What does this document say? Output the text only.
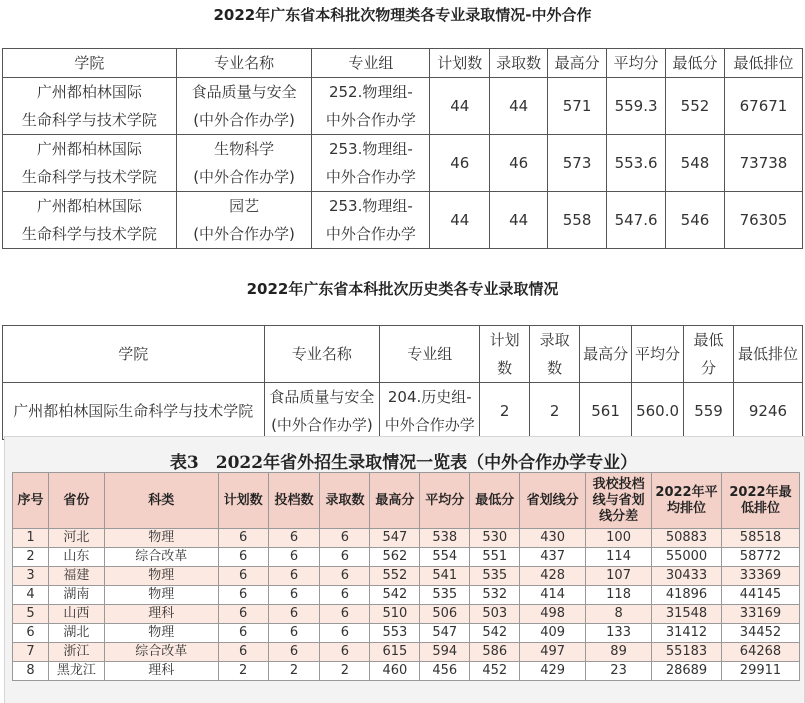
2022年广东省本科批次物理类各专业录取情况-中外合作
学院	专业名称	专业组	计划数	录取数	最高分	平均分	最低分	最低排位
广州都柏林国际
生命科学与技术学院	食品质量与安全
(中外合作办学)	252.物理组-
中外合作办学	44	44	571	559.3	552	67671
广州都柏林国际
生命科学与技术学院	生物科学
(中外合作办学)	253.物理组-
中外合作办学	46	46	573	553.6	548	73738
广州都柏林国际
生命科学与技术学院	园艺
(中外合作办学)	253.物理组-
中外合作办学	44	44	558	547.6	546	76305
2022年广东省本科批次历史类各专业录取情况
学院	专业名称	专业组	计划数	录取数	最高分	平均分	最低分	最低排位
广州都柏林国际生命科学与技术学院	食品质量与安全
(中外合作办学)	204.历史组-
中外合作办学	2	2	561	560.0	559	9246
表3　2022年省外招生录取情况一览表（中外合作办学专业）
序号	省份	科类	计划数	投档数	录取数	最高分	平均分	最低分	省划线分	我校投档
线与省划
线分差	2022年平
均排位	2022年最
低排位
1	河北	物理	6	6	6	547	538	530	430	100	50883	58518
2	山东	综合改革	6	6	6	562	554	551	437	114	55000	58772
3	福建	物理	6	6	6	552	541	535	428	107	30433	33369
4	湖南	物理	6	6	6	542	535	532	414	118	41896	44145
5	山西	理科	6	6	6	510	506	503	498	8	31548	33169
6	湖北	物理	6	6	6	553	547	542	409	133	31412	34452
7	浙江	综合改革	6	6	6	615	594	586	497	89	55183	64268
8	黑龙江	理科	2	2	2	460	456	452	429	23	28689	29911
